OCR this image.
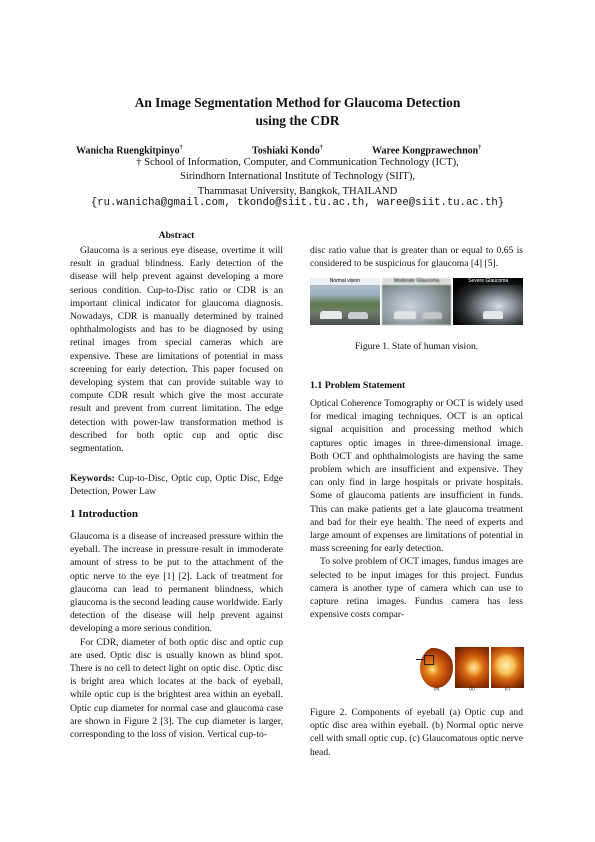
An Image Segmentation Method for Glaucoma Detection
using the CDR
Wanicha Ruengkitpinyo†	Toshiaki Kondo†	Waree Kongprawechnon†
† School of Information, Computer, and Communication Technology (ICT),
Sirindhorn International Institute of Technology (SIIT),
Thammasat University, Bangkok, THAILAND
{ru.wanicha@gmail.com, tkondo@siit.tu.ac.th, waree@siit.tu.ac.th}
Abstract

Glaucoma is a serious eye disease, overtime it will result in gradual blindness. Early detection of the disease will help prevent against developing a more serious condition. Cup-to-Disc ratio or CDR is an important clinical indicator for glaucoma diagnosis. Nowadays, CDR is manually determined by trained ophthalmologists and has to be diagnosed by using retinal images from special cameras which are expensive. These are limitations of potential in mass screening for early detection. This paper focused on developing system that can provide suitable way to compute CDR result which give the most accurate result and prevent from current limitation. The edge detection with power-law transformation method is described for both optic cup and optic disc segmentation.

Keywords: Cup-to-Disc, Optic cup, Optic Disc, Edge Detection, Power Law

1 Introduction

Glaucoma is a disease of increased pressure within the eyeball. The increase in pressure result in immoderate amount of stress to be put to the attachment of the optic nerve to the eye [1] [2]. Lack of treatment for glaucoma can lead to permanent blindness, which glaucoma is the second leading cause worldwide. Early detection of the disease will help prevent against developing a more serious condition.

For CDR, diameter of both optic disc and optic cup are used. Optic disc is usually known as blind spot. There is no cell to detect light on optic disc. Optic disc is bright area which locates at the back of eyeball, while optic cup is the brightest area within an eyeball. Optic cup diameter for normal case and glaucoma case are shown in Figure 2 [3]. The cup diameter is larger, corresponding to the loss of vision. Vertical cup-to-

disc ratio value that is greater than or equal to 0.65 is considered to be suspicious for glaucoma [4] [5].

Normal vision	Moderate Glaucoma	Severe Glaucoma
Figure 1. State of human vision.
1.1 Problem Statement

Optical Coherence Tomography or OCT is widely used for medical imaging techniques. OCT is an optical signal acquisition and processing method which captures optic images in three-dimensional image. Both OCT and ophthalmologists are having the same problem which are insufficient and expensive. They can only find in large hospitals or private hospitals. Some of glaucoma patients are insufficient in funds. This can make patients get a late glaucoma treatment and bad for their eye health. The need of experts and large amount of expenses are limitations of potential in mass screening for early detection.

To solve problem of OCT images, fundus images are selected to be input images for this project. Fundus camera is another type of camera which can use to capture retina images. Fundus camera has less expensive costs compar-

(a)	(b)	(c)
Figure 2. Components of eyeball (a) Optic cup and optic disc area within eyeball. (b) Normal optic nerve cell with small optic cup. (c) Glaucomatous optic nerve head.
